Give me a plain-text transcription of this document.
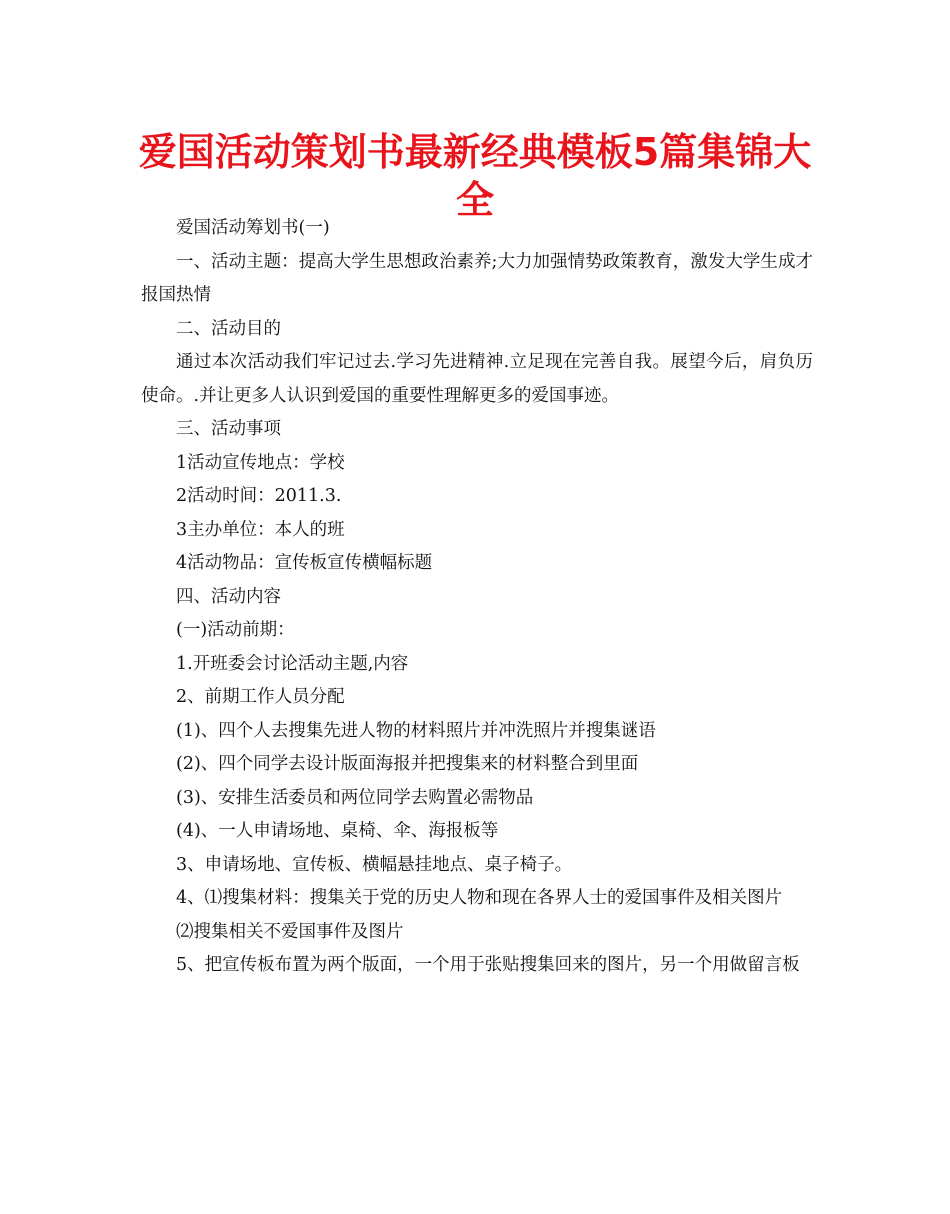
爱国活动策划书最新经典模板5篇集锦大全

爱国活动筹划书(一)

一、活动主题：提高大学生思想政治素养;大力加强情势政策教育，激发大学生成才报国热情

二、活动目的

通过本次活动我们牢记过去.学习先进精神.立足现在完善自我。展望今后，肩负历使命。.并让更多人认识到爱国的重要性理解更多的爱国事迹。

三、活动事项

1活动宣传地点：学校

2活动时间：2011.3.

3主办单位：本人的班

4活动物品：宣传板宣传横幅标题

四、活动内容

(一)活动前期：

1.开班委会讨论活动主题,内容

2、前期工作人员分配

(1)、四个人去搜集先进人物的材料照片并冲洗照片并搜集谜语

(2)、四个同学去设计版面海报并把搜集来的材料整合到里面

(3)、安排生活委员和两位同学去购置必需物品

(4)、一人申请场地、桌椅、伞、海报板等

3、申请场地、宣传板、横幅悬挂地点、桌子椅子。

4、⑴搜集材料：搜集关于党的历史人物和现在各界人士的爱国事件及相关图片

⑵搜集相关不爱国事件及图片

5、把宣传板布置为两个版面，一个用于张贴搜集回来的图片，另一个用做留言板
